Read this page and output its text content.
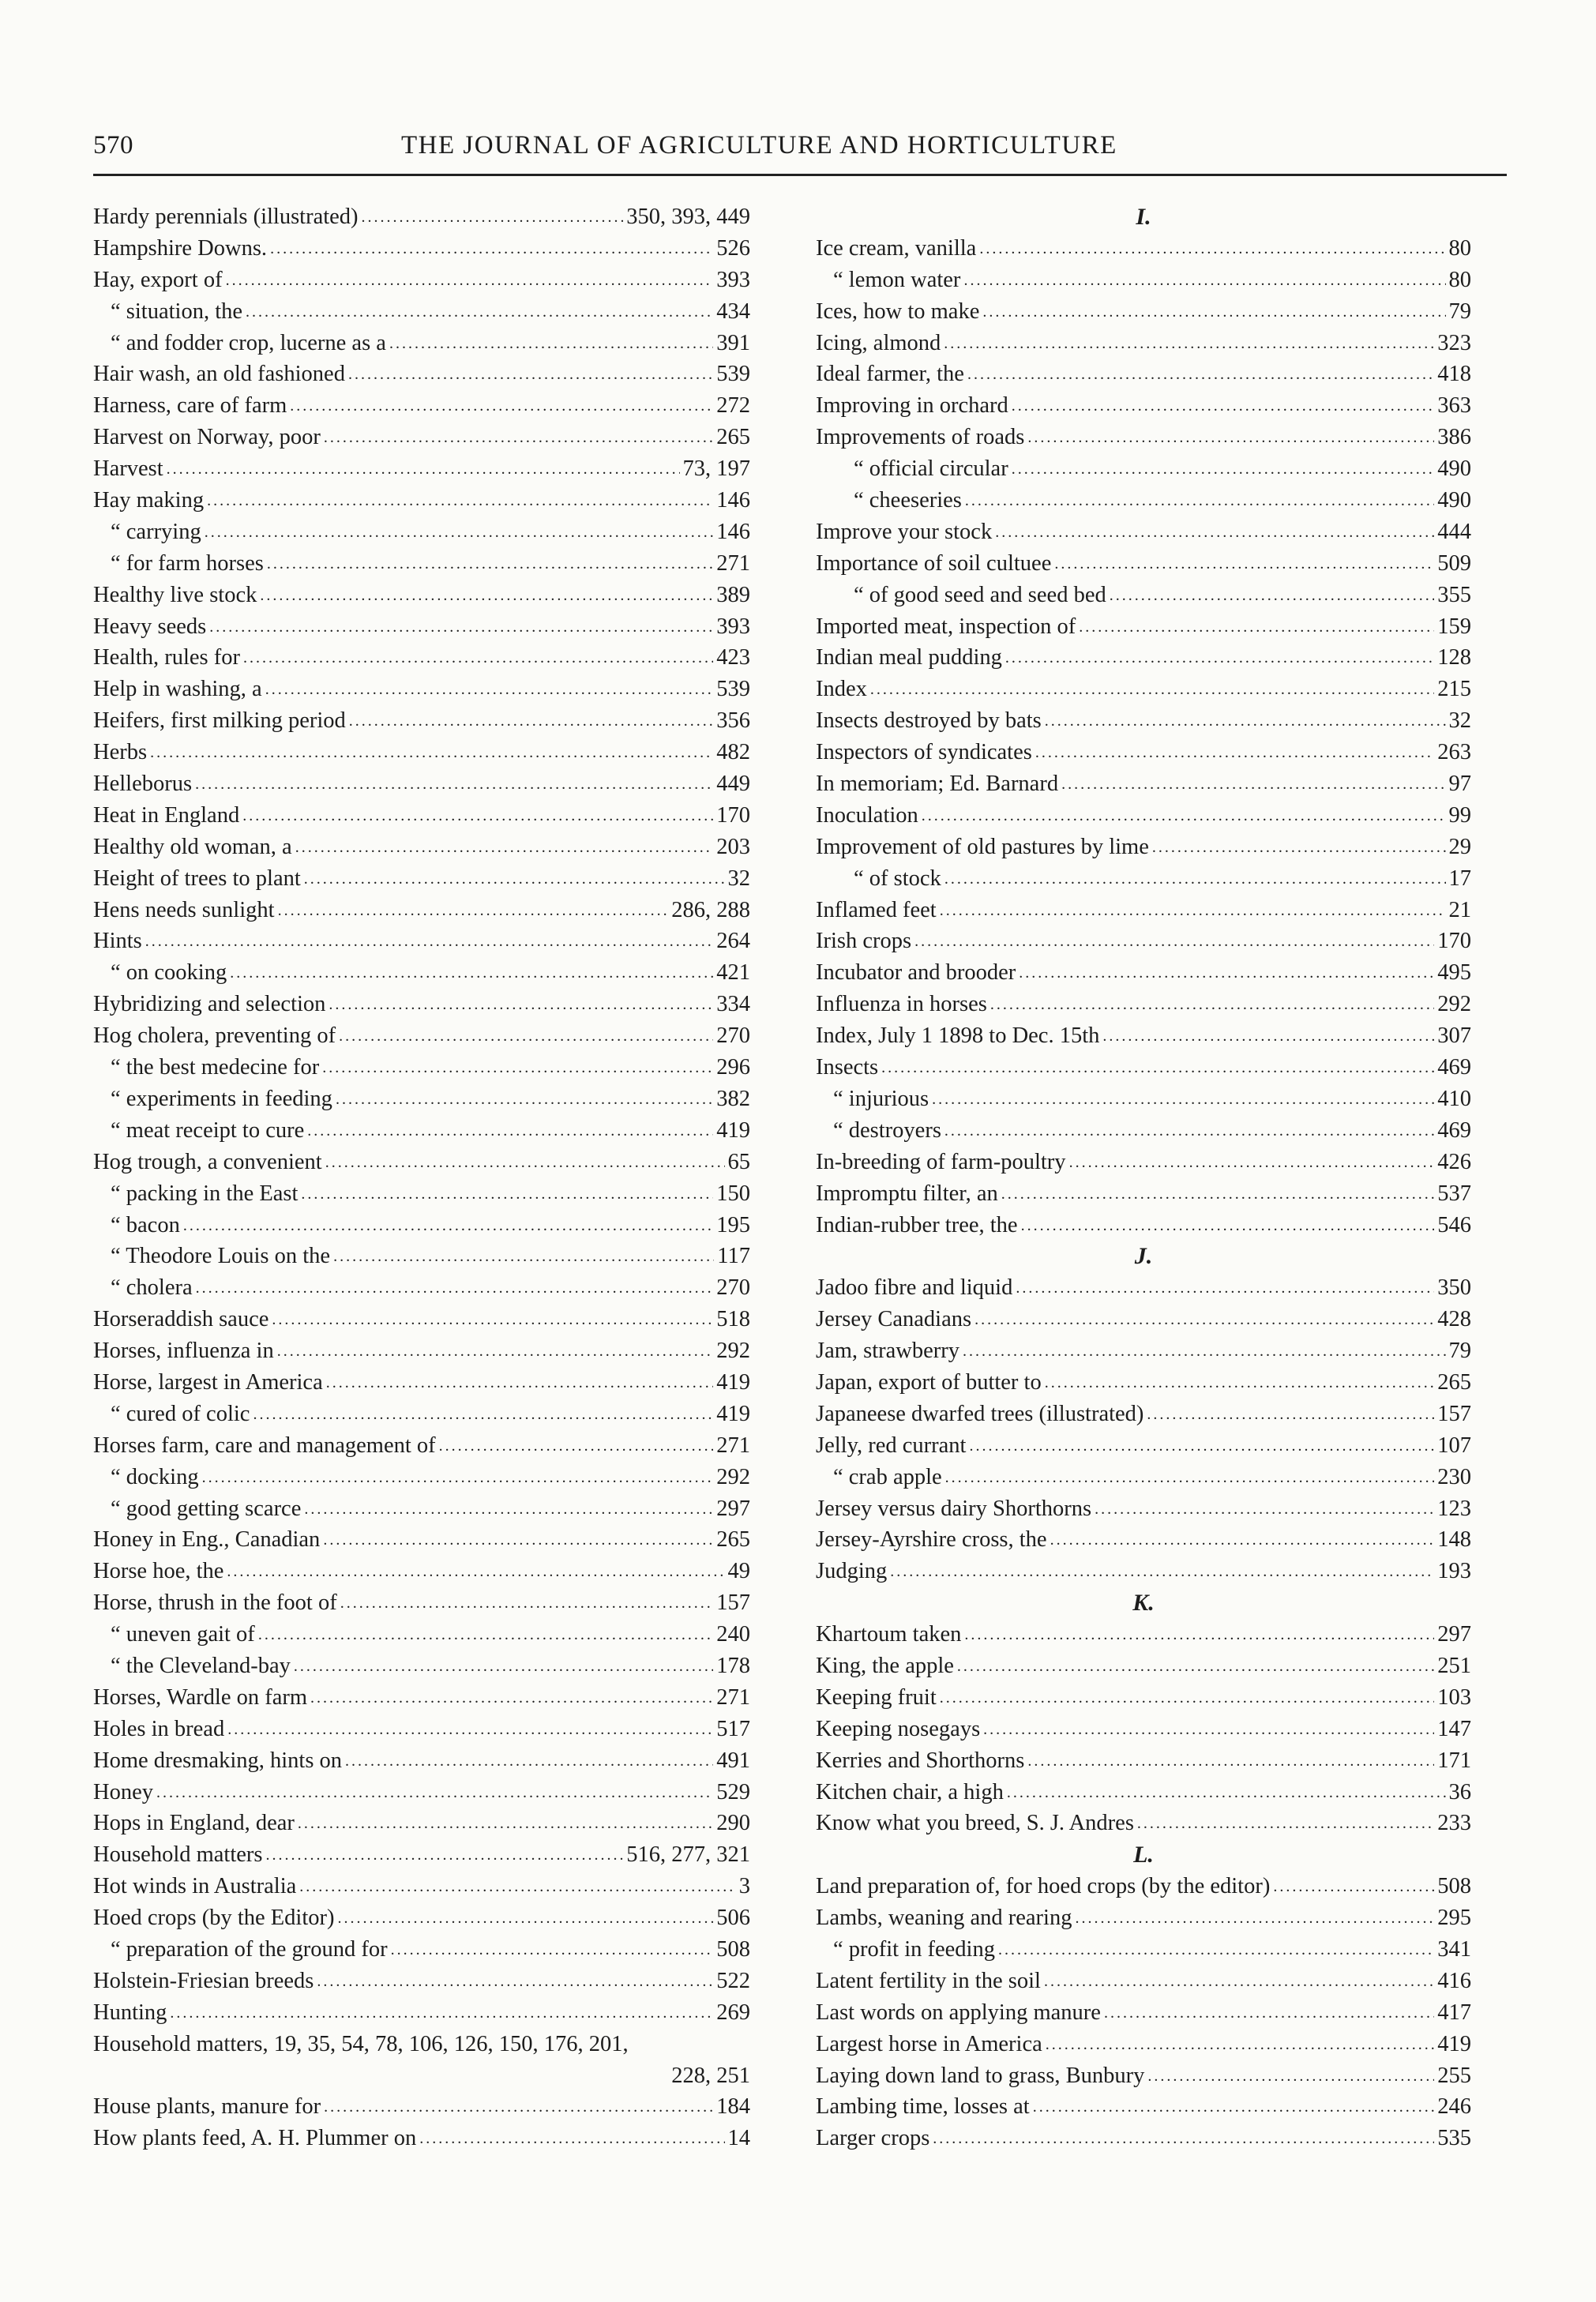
570	THE JOURNAL OF AGRICULTURE AND HORTICULTURE
Hardy perennials (illustrated) . . .	350, 393, 449
Hampshire Downs. . . .	526
Hay, export of . . .	393
“ situation, the . . .	434
“ and fodder crop, lucerne as a . . .	391
Hair wash, an old fashioned . . .	539
Harness, care of farm . . .	272
Harvest on Norway, poor . . .	265
Harvest . . .	73, 197
Hay making . . .	146
“ carrying . . .	146
“ for farm horses . . .	271
Healthy live stock . . .	389
Heavy seeds . . .	393
Health, rules for . . .	423
Help in washing, a . . .	539
Heifers, first milking period . . .	356
Herbs . . .	482
Helleborus . . .	449
Heat in England . . .	170
Healthy old woman, a . . .	203
Height of trees to plant . . .	32
Hens needs sunlight . . .	286, 288
Hints . . .	264
“ on cooking . . .	421
Hybridizing and selection . . .	334
Hog cholera, preventing of . . .	270
“ the best medecine for . . .	296
“ experiments in feeding . . .	382
“ meat receipt to cure . . .	419
Hog trough, a convenient . . .	65
“ packing in the East . . .	150
“ bacon . . .	195
“ Theodore Louis on the . . .	117
“ cholera . . .	270
Horseraddish sauce . . .	518
Horses, influenza in . . .	292
Horse, largest in America . . .	419
“ cured of colic . . .	419
Horses farm, care and management of . . .	271
“ docking . . .	292
“ good getting scarce . . .	297
Honey in Eng., Canadian . . .	265
Horse hoe, the . . .	49
Horse, thrush in the foot of . . .	157
“ uneven gait of . . .	240
“ the Cleveland-bay . . .	178
Horses, Wardle on farm . . .	271
Holes in bread . . .	517
Home dresmaking, hints on . . .	491
Honey . . .	529
Hops in England, dear . . .	290
Household matters . . .	516, 277, 321
Hot winds in Australia . . .	3
Hoed crops (by the Editor) . . .	506
“ preparation of the ground for . . .	508
Holstein-Friesian breeds . . .	522
Hunting . . .	269
Household matters, 19, 35, 54, 78, 106, 126, 150, 176, 201,
228, 251
House plants, manure for . . .	184
How plants feed, A. H. Plummer on . . .	14
I.
Ice cream, vanilla . . .	80
“ lemon water . . .	80
Ices, how to make . . .	79
Icing, almond . . .	323
Ideal farmer, the . . .	418
Improving in orchard . . .	363
Improvements of roads . . .	386
“ official circular . . .	490
“ cheeseries . . .	490
Improve your stock . . .	444
Importance of soil cultuee . . .	509
“ of good seed and seed bed . . .	355
Imported meat, inspection of . . .	159
Indian meal pudding . . .	128
Index . . .	215
Insects destroyed by bats . . .	32
Inspectors of syndicates . . .	263
In memoriam; Ed. Barnard . . .	97
Inoculation . . .	99
Improvement of old pastures by lime . . .	29
“ of stock . . .	17
Inflamed feet . . .	21
Irish crops . . .	170
Incubator and brooder . . .	495
Influenza in horses . . .	292
Index, July 1 1898 to Dec. 15th . . .	307
Insects . . .	469
“ injurious . . .	410
“ destroyers . . .	469
In-breeding of farm-poultry . . .	426
Impromptu filter, an . . .	537
Indian-rubber tree, the . . .	546
J.
Jadoo fibre and liquid . . .	350
Jersey Canadians . . .	428
Jam, strawberry . . .	79
Japan, export of butter to . . .	265
Japaneese dwarfed trees (illustrated) . . .	157
Jelly, red currant . . .	107
“ crab apple . . .	230
Jersey versus dairy Shorthorns . . .	123
Jersey-Ayrshire cross, the . . .	148
Judging . . .	193
K.
Khartoum taken . . .	297
King, the apple . . .	251
Keeping fruit . . .	103
Keeping nosegays . . .	147
Kerries and Shorthorns . . .	171
Kitchen chair, a high . . .	36
Know what you breed, S. J. Andres . . .	233
L.
Land preparation of, for hoed crops (by the editor) . . .	508
Lambs, weaning and rearing . . .	295
“ profit in feeding . . .	341
Latent fertility in the soil . . .	416
Last words on applying manure . . .	417
Largest horse in America . . .	419
Laying down land to grass, Bunbury . . .	255
Lambing time, losses at . . .	246
Larger crops . . .	535
